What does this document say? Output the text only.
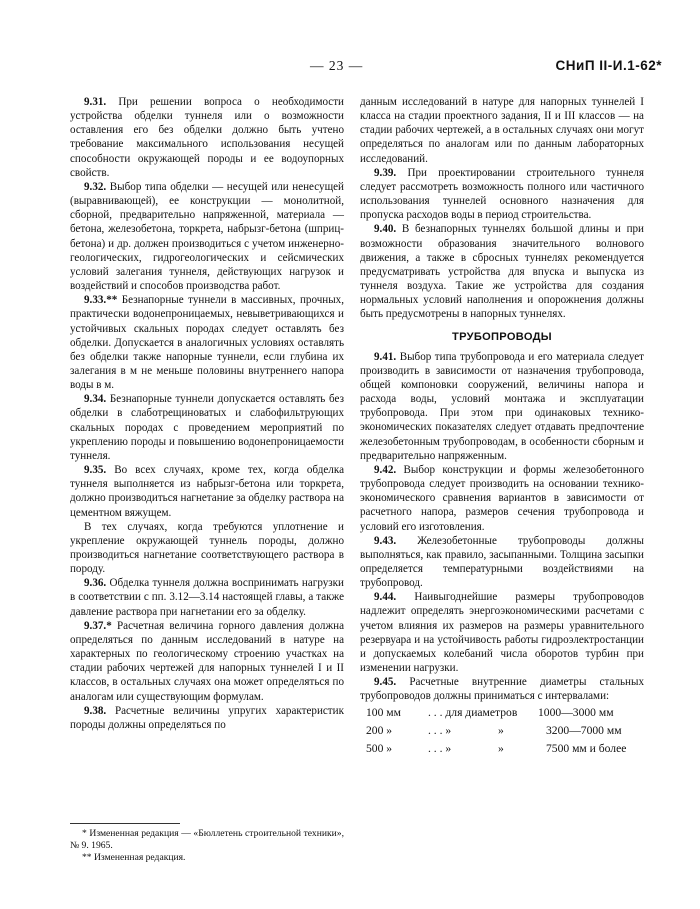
— 23 —	СНиП II-И.1-62*

9.31. При решении вопроса о необходимости устройства обделки туннеля или о возможности оставления его без обделки должно быть учтено требование максимального использования несущей способности окружающей породы и ее водоупорных свойств.

9.32. Выбор типа обделки — несущей или ненесущей (выравнивающей), ее конструкции — монолитной, сборной, предварительно напряженной, материала — бетона, железобетона, торкрета, набрызг-бетона (шприц-бетона) и др. должен производиться с учетом инженерно-геологических, гидрогеологических и сейсмических условий залегания туннеля, действующих нагрузок и воздействий и способов производства работ.

9.33.** Безнапорные туннели в массивных, прочных, практически водонепроницаемых, невыветривающихся и устойчивых скальных породах следует оставлять без обделки. Допускается в аналогичных условиях оставлять без обделки также напорные туннели, если глубина их залегания в м не меньше половины внутреннего напора воды в м.

9.34. Безнапорные туннели допускается оставлять без обделки в слаботрещиноватых и слабофильтрующих скальных породах с проведением мероприятий по укреплению породы и повышению водонепроницаемости туннеля.

9.35. Во всех случаях, кроме тех, когда обделка туннеля выполняется из набрызг-бетона или торкрета, должно производиться нагнетание за обделку раствора на цементном вяжущем.

В тех случаях, когда требуются уплотнение и укрепление окружающей туннель породы, должно производиться нагнетание соответствующего раствора в породу.

9.36. Обделка туннеля должна воспринимать нагрузки в соответствии с пп. 3.12—3.14 настоящей главы, а также давление раствора при нагнетании его за обделку.

9.37.* Расчетная величина горного давления должна определяться по данным исследований в натуре на характерных по геологическому строению участках на стадии рабочих чертежей для напорных туннелей I и II классов, в остальных случаях она может определяться по аналогам или существующим формулам.

9.38. Расчетные величины упругих характеристик породы должны определяться по

* Измененная редакция — «Бюллетень строительной техники», № 9. 1965.

** Измененная редакция.

данным исследований в натуре для напорных туннелей I класса на стадии проектного задания, II и III классов — на стадии рабочих чертежей, а в остальных случаях они могут определяться по аналогам или по данным лабораторных исследований.

9.39. При проектировании строительного туннеля следует рассмотреть возможность полного или частичного использования туннелей основного назначения для пропуска расходов воды в период строительства.

9.40. В безнапорных туннелях большой длины и при возможности образования значительного волнового движения, а также в сбросных туннелях рекомендуется предусматривать устройства для впуска и выпуска из туннеля воздуха. Такие же устройства для создания нормальных условий наполнения и опорожнения должны быть предусмотрены в напорных туннелях.

ТРУБОПРОВОДЫ

9.41. Выбор типа трубопровода и его материала следует производить в зависимости от назначения трубопровода, общей компоновки сооружений, величины напора и расхода воды, условий монтажа и эксплуатации трубопровода. При этом при одинаковых технико-экономических показателях следует отдавать предпочтение железобетонным трубопроводам, в особенности сборным и предварительно напряженным.

9.42. Выбор конструкции и формы железобетонного трубопровода следует производить на основании технико-экономического сравнения вариантов в зависимости от расчетного напора, размеров сечения трубопровода и условий его изготовления.

9.43. Железобетонные трубопроводы должны выполняться, как правило, засыпанными. Толщина засыпки определяется температурными воздействиями на трубопровод.

9.44. Наивыгоднейшие размеры трубопроводов надлежит определять энергоэкономическими расчетами с учетом влияния их размеров на размеры уравнительного резервуара и на устойчивость работы гидроэлектростанции и допускаемых колебаний числа оборотов турбин при изменении нагрузки.

9.45. Расчетные внутренние диаметры стальных трубопроводов должны приниматься с интервалами:

100 мм . . . для диаметров 1000—3000 мм
200 »	. . . »	»	3200—7000 мм
500 »	. . . »	»	7500 мм и более
